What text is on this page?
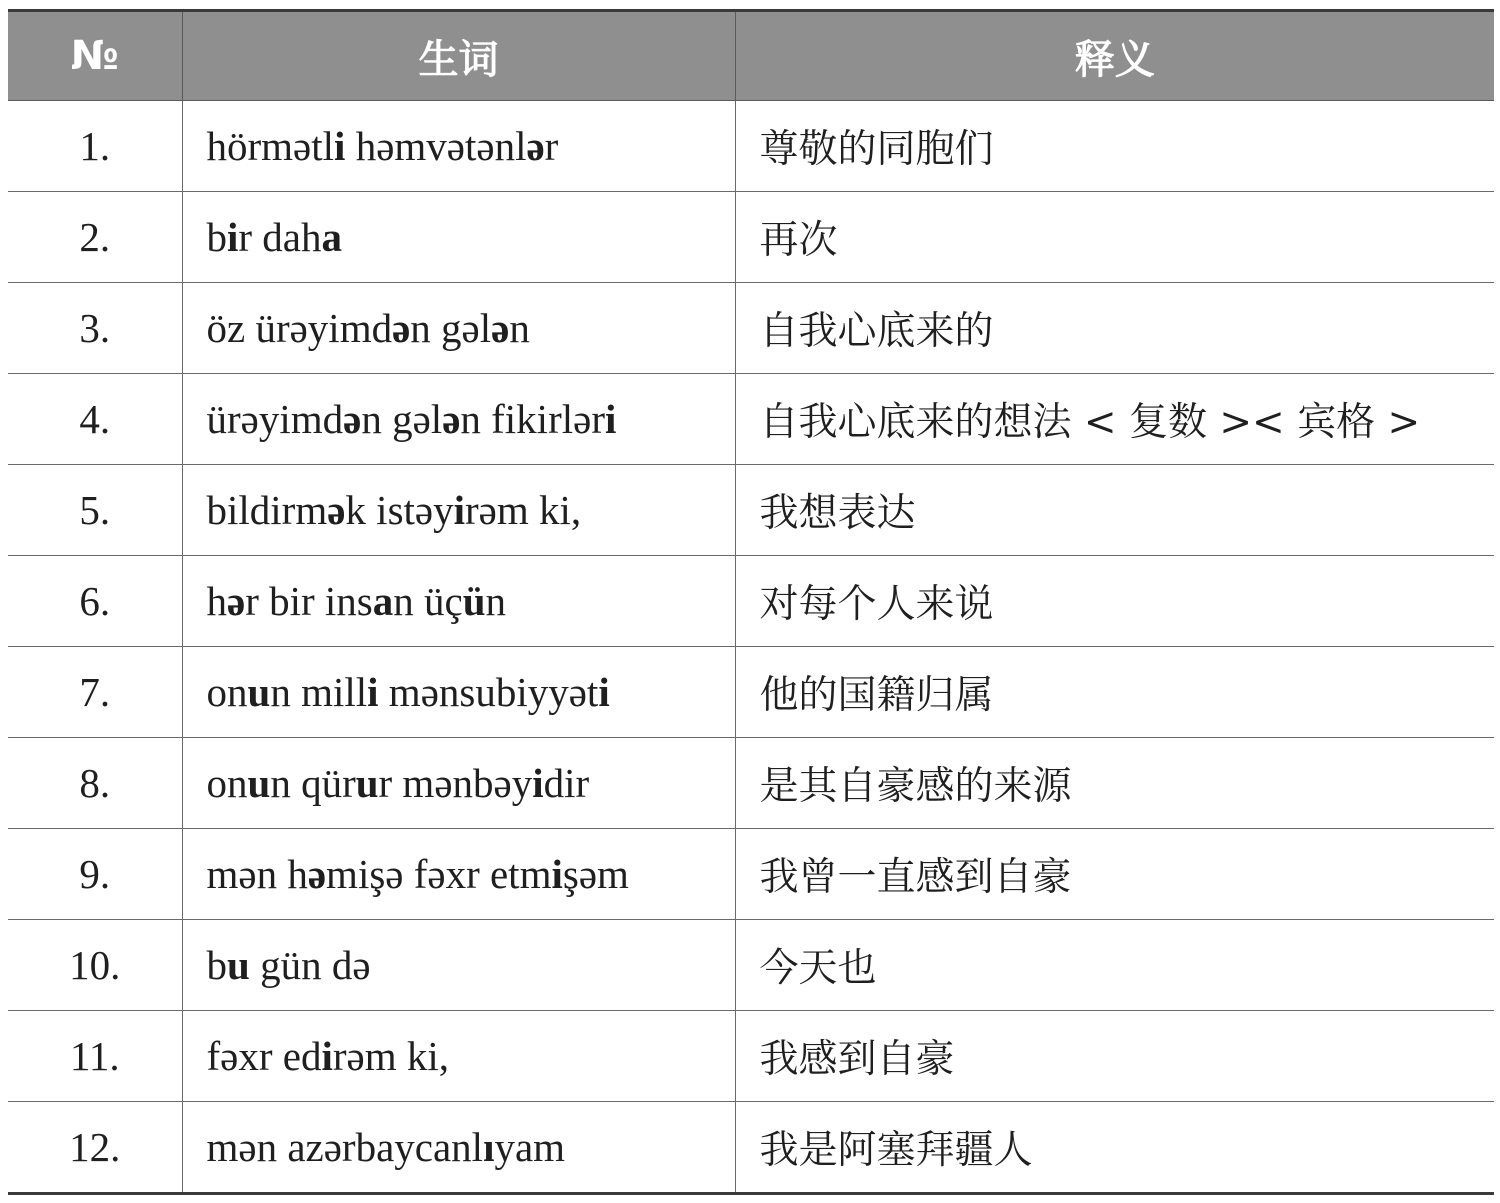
№	生词	释义
1.	hörmətli həmvətənlər	尊敬的同胞们
2.	bir daha	再次
3.	öz ürəyimdən gələn	自我心底来的
4.	ürəyimdən gələn fikirləri	自我心底来的想法 < 复数 >< 宾格 >
5.	bildirmək istəyirəm ki,	我想表达
6.	hər bir insan üçün	对每个人来说
7.	onun milli mənsubiyyəti	他的国籍归属
8.	onun qürur mənbəyidir	是其自豪感的来源
9.	mən həmişə fəxr etmişəm	我曾一直感到自豪
10.	bu gün də	今天也
11.	fəxr edirəm ki,	我感到自豪
12.	mən azərbaycanlıyam	我是阿塞拜疆人
